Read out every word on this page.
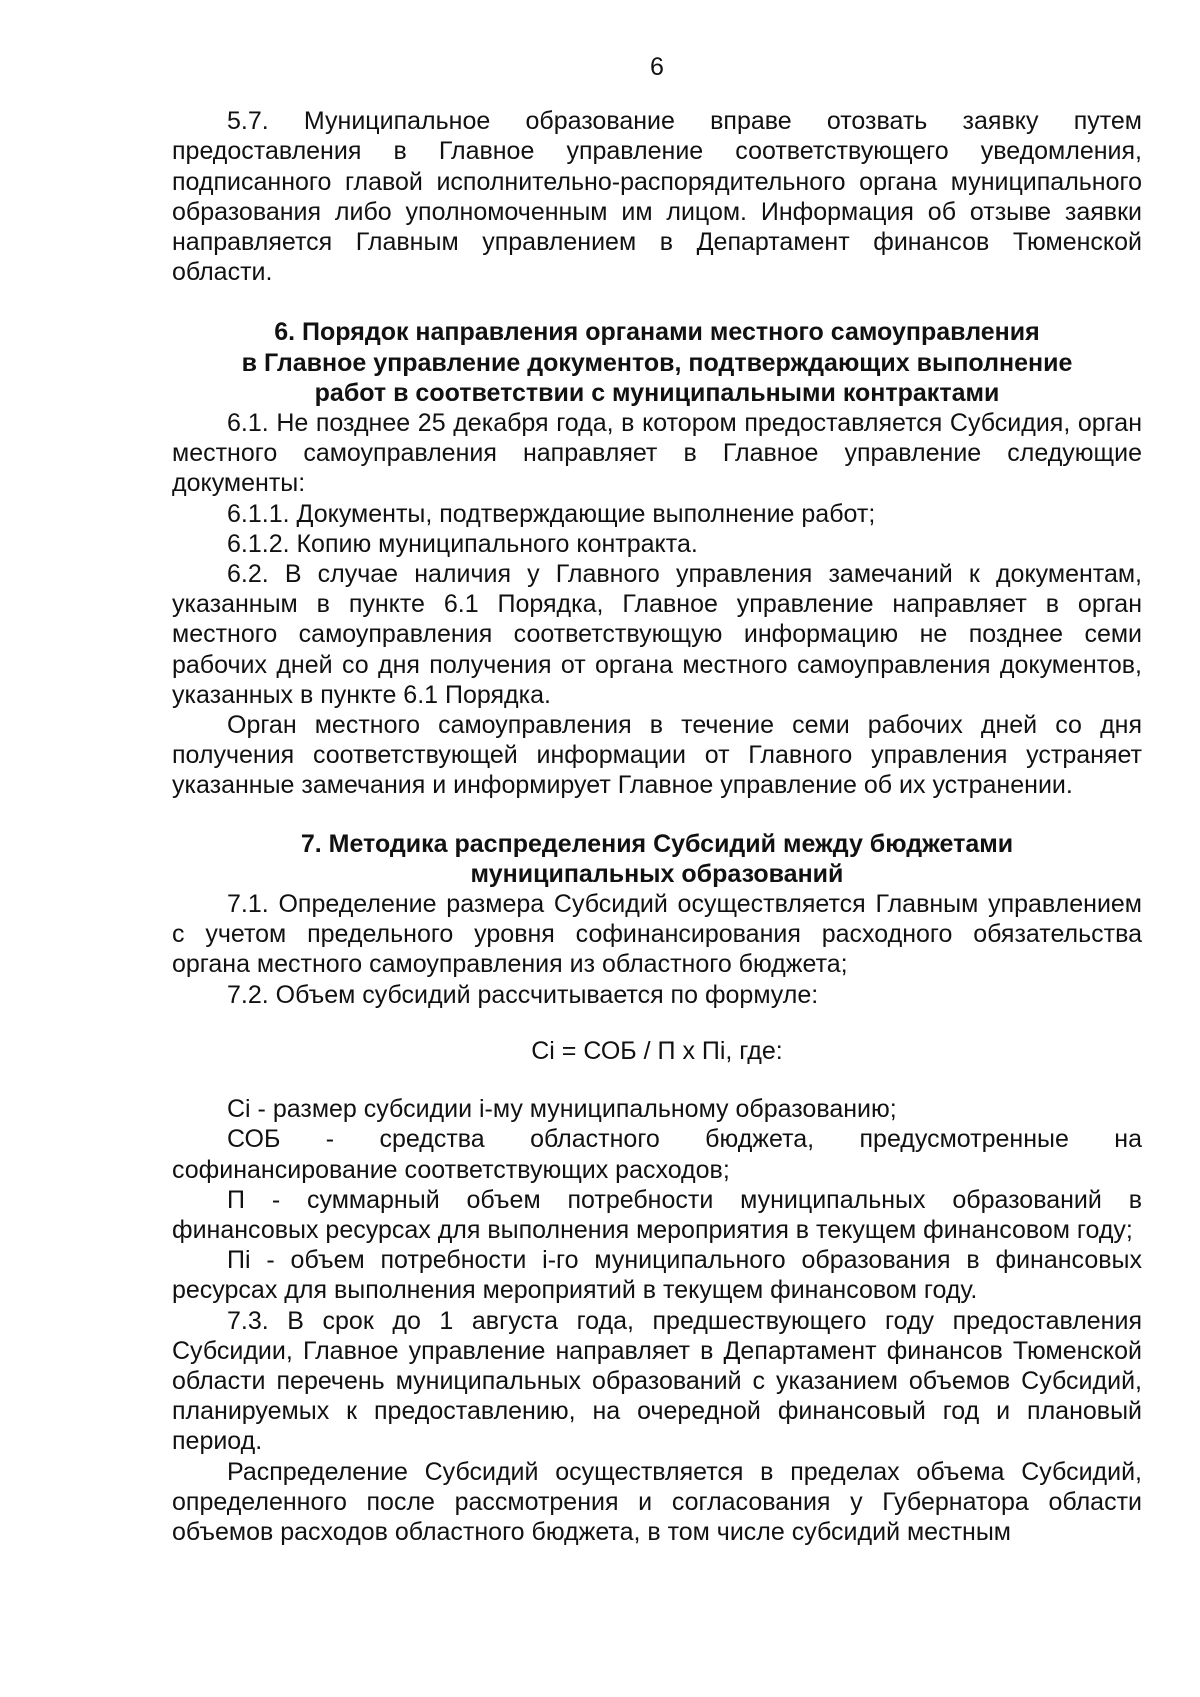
6

5.7. Муниципальное образование вправе отозвать заявку путем предоставления в Главное управление соответствующего уведомления, подписанного главой исполнительно-распорядительного органа муниципального образования либо уполномоченным им лицом. Информация об отзыве заявки направляется Главным управлением в Департамент финансов Тюменской области.

6. Порядок направления органами местного самоуправления
в Главное управление документов, подтверждающих выполнение
работ в соответствии с муниципальными контрактами

6.1. Не позднее 25 декабря года, в котором предоставляется Субсидия, орган местного самоуправления направляет в Главное управление следующие документы:

6.1.1. Документы, подтверждающие выполнение работ;

6.1.2. Копию муниципального контракта.

6.2. В случае наличия у Главного управления замечаний к документам, указанным в пункте 6.1 Порядка, Главное управление направляет в орган местного самоуправления соответствующую информацию не позднее семи рабочих дней со дня получения от органа местного самоуправления документов, указанных в пункте 6.1 Порядка.

Орган местного самоуправления в течение семи рабочих дней со дня получения соответствующей информации от Главного управления устраняет указанные замечания и информирует Главное управление об их устранении.

7. Методика распределения Субсидий между бюджетами
муниципальных образований

7.1. Определение размера Субсидий осуществляется Главным управлением с учетом предельного уровня софинансирования расходного обязательства органа местного самоуправления из областного бюджета;

7.2. Объем субсидий рассчитывается по формуле:

Ci = СОБ / П х Пi, где:

Ci - размер субсидии i-му муниципальному образованию;

СОБ - средства областного бюджета, предусмотренные на софинансирование соответствующих расходов;

П - суммарный объем потребности муниципальных образований в финансовых ресурсах для выполнения мероприятия в текущем финансовом году;

Пi - объем потребности i-го муниципального образования в финансовых ресурсах для выполнения мероприятий в текущем финансовом году.

7.3. В срок до 1 августа года, предшествующего году предоставления Субсидии, Главное управление направляет в Департамент финансов Тюменской области перечень муниципальных образований с указанием объемов Субсидий, планируемых к предоставлению, на очередной финансовый год и плановый период.

Распределение Субсидий осуществляется в пределах объема Субсидий, определенного после рассмотрения и согласования у Губернатора области объемов расходов областного бюджета, в том числе субсидий местным
